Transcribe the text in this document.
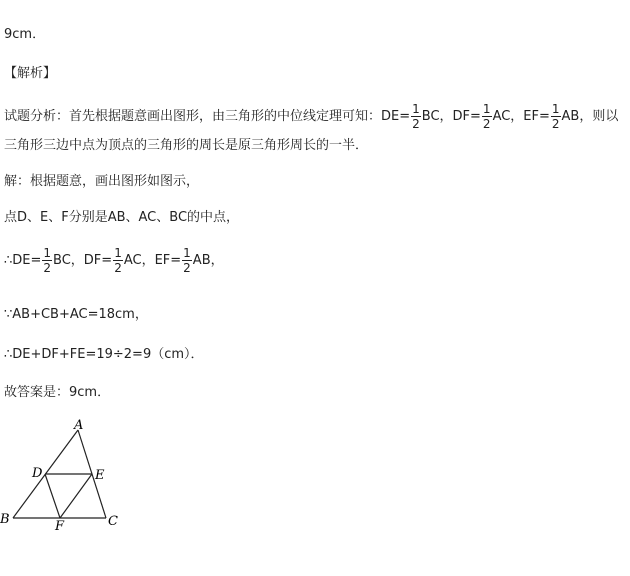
9cm．
【解析】
试题分析：首先根据题意画出图形，由三角形的中位线定理可知：$DE= \frac{1}{2}$ BC，$DF= \frac{1}{2}$ AC，$EF= \frac{1}{2}$ AB，则以
三角形三边中点为顶点的三角形的周长是原三角形周长的一半．
解：根据题意，画出图形如图示，
点D、E、F分别是AB、AC、BC的中点，
∴DE= $\frac{1}{2}$ BC，$DF= \frac{1}{2}$ AC，$EF= \frac{1}{2}$ AB，
∵AB+CB+AC=18cm，
∴DE+DF+FE=19÷2=9（cm）．
故答案是：9cm．
A
B	C
D	E
F
